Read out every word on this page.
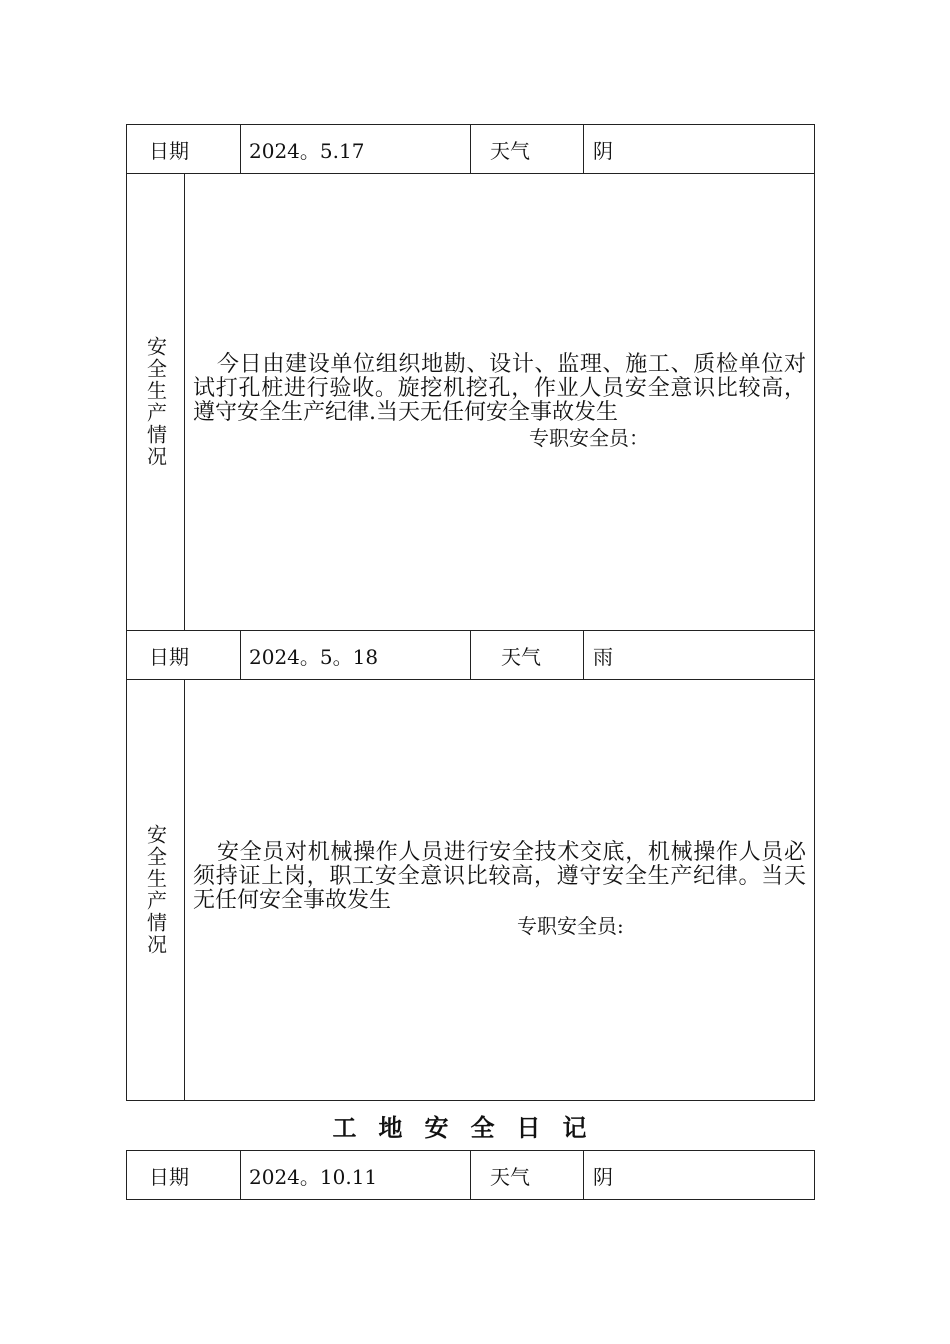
日期	2024。5.17	天气	阴
安全生产情况	今日由建设单位组织地勘、设计、监理、施工、质检单位对试打孔桩进行验收。旋挖机挖孔，作业人员安全意识比较高，遵守安全生产纪律.当天无任何安全事故发生
专职安全员：
日期	2024。5。18	天气	雨
安全生产情况	安全员对机械操作人员进行安全技术交底，机械操作人员必须持证上岗，职工安全意识比较高，遵守安全生产纪律。当天无任何安全事故发生
专职安全员:
工地安全日记
日期	2024。10.11	天气	阴
